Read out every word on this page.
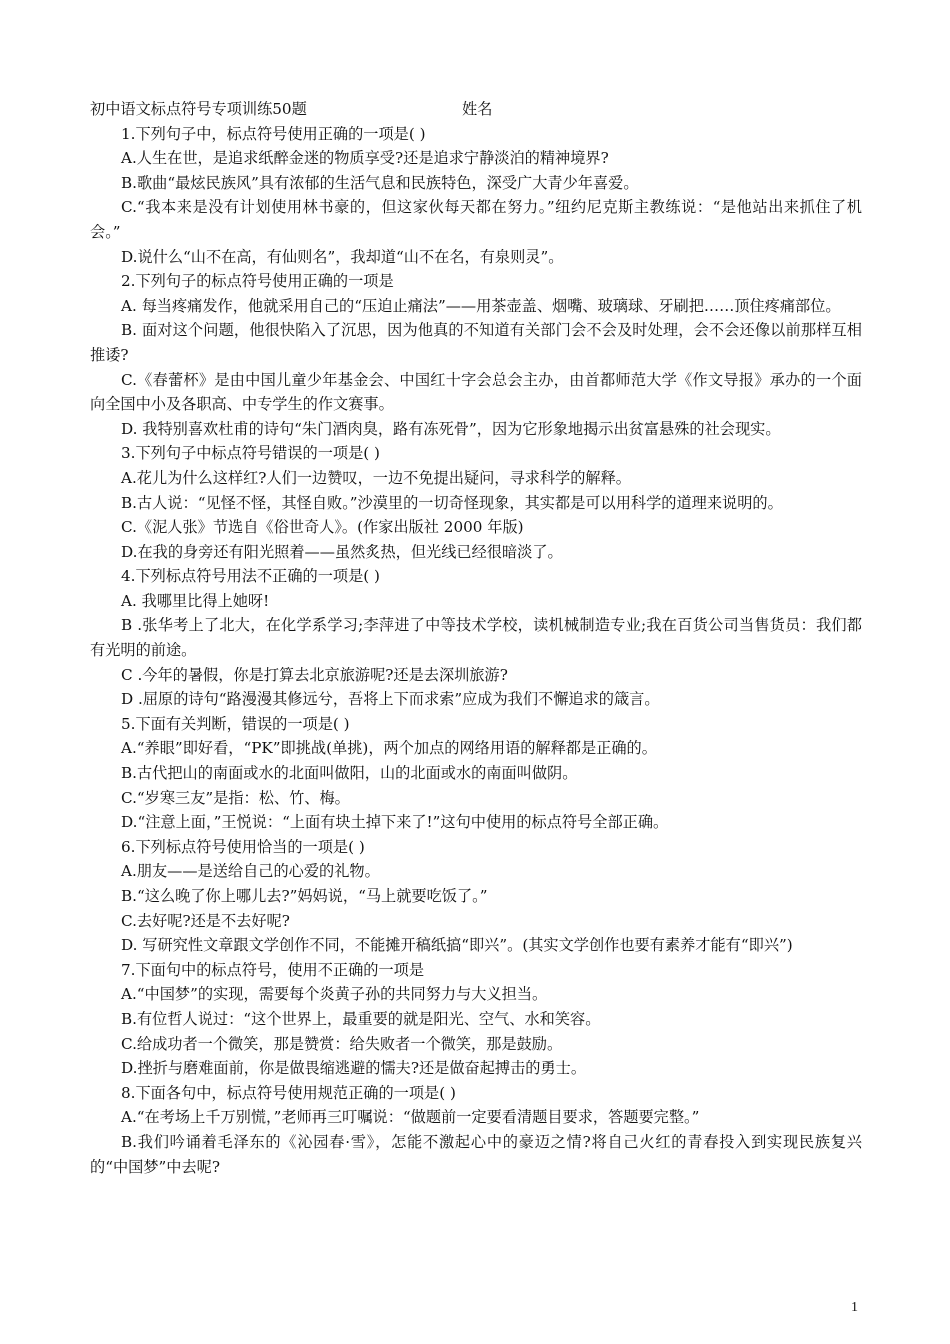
初中语文标点符号专项训练50题	姓名

1.下列句子中，标点符号使用正确的一项是( )

A.人生在世，是追求纸醉金迷的物质享受?还是追求宁静淡泊的精神境界?

B.歌曲“最炫民族风”具有浓郁的生活气息和民族特色，深受广大青少年喜爱。

C.“我本来是没有计划使用林书豪的，但这家伙每天都在努力。”纽约尼克斯主教练说：“是他站出来抓住了机会。”

D.说什么“山不在高，有仙则名”，我却道“山不在名，有泉则灵”。

2.下列句子的标点符号使用正确的一项是

A. 每当疼痛发作，他就采用自己的“压迫止痛法”——用茶壶盖、烟嘴、玻璃球、牙刷把……顶住疼痛部位。

B. 面对这个问题，他很快陷入了沉思，因为他真的不知道有关部门会不会及时处理，会不会还像以前那样互相推诿?

C.《春蕾杯》是由中国儿童少年基金会、中国红十字会总会主办，由首都师范大学《作文导报》承办的一个面向全国中小及各职高、中专学生的作文赛事。

D. 我特别喜欢杜甫的诗句“朱门酒肉臭，路有冻死骨”，因为它形象地揭示出贫富悬殊的社会现实。

3.下列句子中标点符号错误的一项是( )

A.花儿为什么这样红?人们一边赞叹，一边不免提出疑问，寻求科学的解释。

B.古人说：“见怪不怪，其怪自败。”沙漠里的一切奇怪现象，其实都是可以用科学的道理来说明的。

C.《泥人张》节选自《俗世奇人》。(作家出版社 2000 年版)

D.在我的身旁还有阳光照着——虽然炙热，但光线已经很暗淡了。

4.下列标点符号用法不正确的一项是( )

A. 我哪里比得上她呀!

B .张华考上了北大，在化学系学习;李萍进了中等技术学校，读机械制造专业;我在百货公司当售货员：我们都有光明的前途。

C .今年的暑假，你是打算去北京旅游呢?还是去深圳旅游?

D .屈原的诗句“路漫漫其修远兮，吾将上下而求索”应成为我们不懈追求的箴言。

5.下面有关判断，错误的一项是( )

A.“养眼”即好看，“PK”即挑战(单挑)，两个加点的网络用语的解释都是正确的。

B.古代把山的南面或水的北面叫做阳，山的北面或水的南面叫做阴。

C.“岁寒三友”是指：松、竹、梅。

D.“注意上面，”王悦说：“上面有块土掉下来了!”这句中使用的标点符号全部正确。

6.下列标点符号使用恰当的一项是( )

A.朋友——是送给自己的心爱的礼物。

B.“这么晚了你上哪儿去?”妈妈说，“马上就要吃饭了。”

C.去好呢?还是不去好呢?

D. 写研究性文章跟文学创作不同，不能摊开稿纸搞“即兴”。(其实文学创作也要有素养才能有“即兴”)

7.下面句中的标点符号，使用不正确的一项是

A.“中国梦”的实现，需要每个炎黄子孙的共同努力与大义担当。

B.有位哲人说过：“这个世界上，最重要的就是阳光、空气、水和笑容。

C.给成功者一个微笑，那是赞赏：给失败者一个微笑，那是鼓励。

D.挫折与磨难面前，你是做畏缩逃避的懦夫?还是做奋起搏击的勇士。

8.下面各句中，标点符号使用规范正确的一项是( )

A.“在考场上千万别慌，”老师再三叮嘱说：“做题前一定要看清题目要求，答题要完整。”

B.我们吟诵着毛泽东的《沁园春·雪》，怎能不激起心中的豪迈之情?将自己火红的青春投入到实现民族复兴的“中国梦”中去呢?

1
